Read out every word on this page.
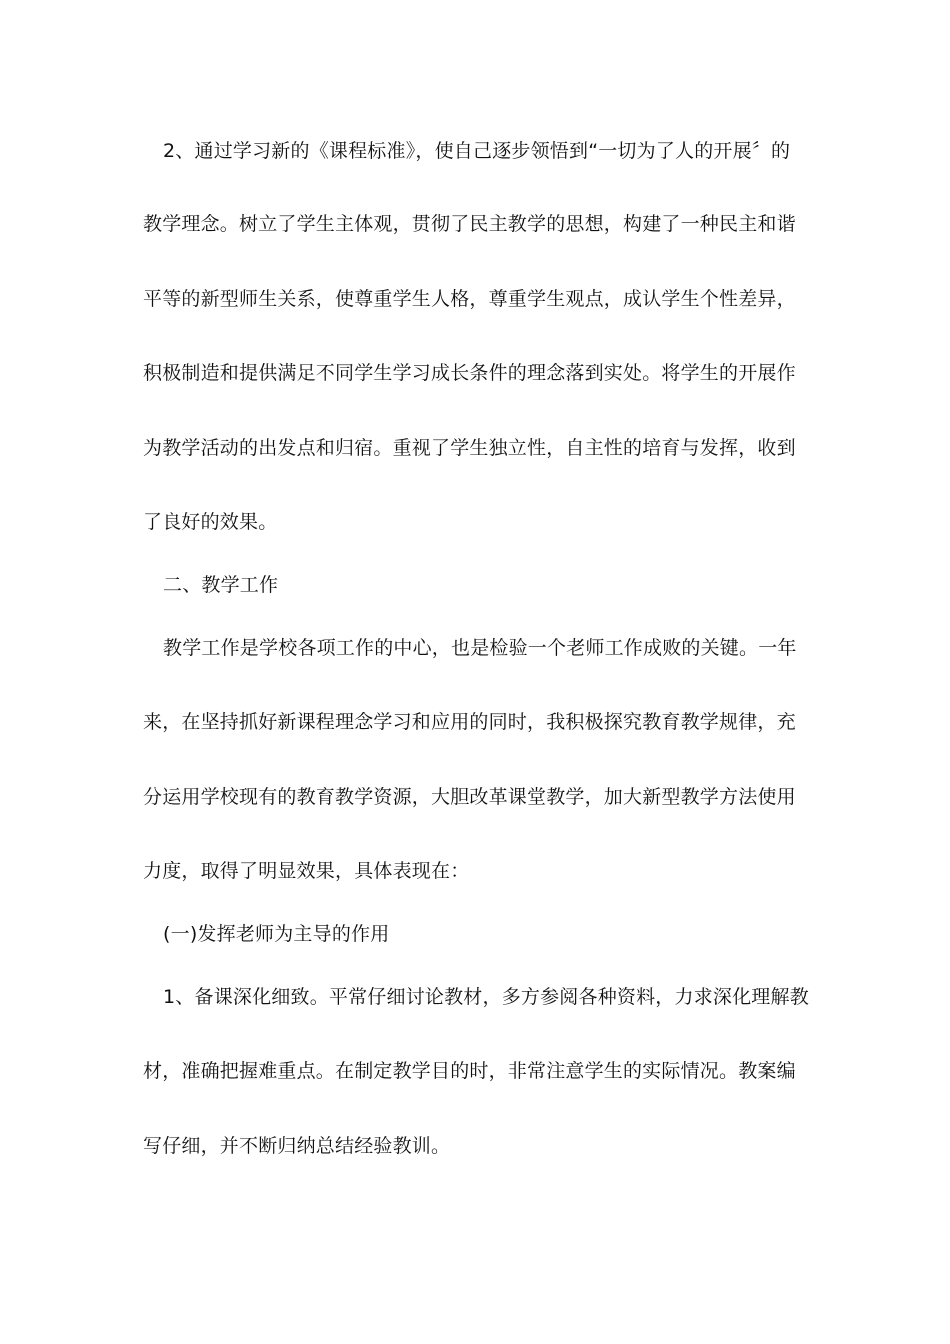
2、通过学习新的《课程标准》，使自己逐步领悟到“一切为了人的开展〞的
教学理念。树立了学生主体观，贯彻了民主教学的思想，构建了一种民主和谐
平等的新型师生关系，使尊重学生人格，尊重学生观点，成认学生个性差异，
积极制造和提供满足不同学生学习成长条件的理念落到实处。将学生的开展作
为教学活动的出发点和归宿。重视了学生独立性，自主性的培育与发挥，收到
了良好的效果。
二、教学工作
教学工作是学校各项工作的中心，也是检验一个老师工作成败的关键。一年
来，在坚持抓好新课程理念学习和应用的同时，我积极探究教育教学规律，充
分运用学校现有的教育教学资源，大胆改革课堂教学，加大新型教学方法使用
力度，取得了明显效果，具体表现在：
(一)发挥老师为主导的作用
1、备课深化细致。平常仔细讨论教材，多方参阅各种资料，力求深化理解教
材，准确把握难重点。在制定教学目的时，非常注意学生的实际情况。教案编
写仔细，并不断归纳总结经验教训。
